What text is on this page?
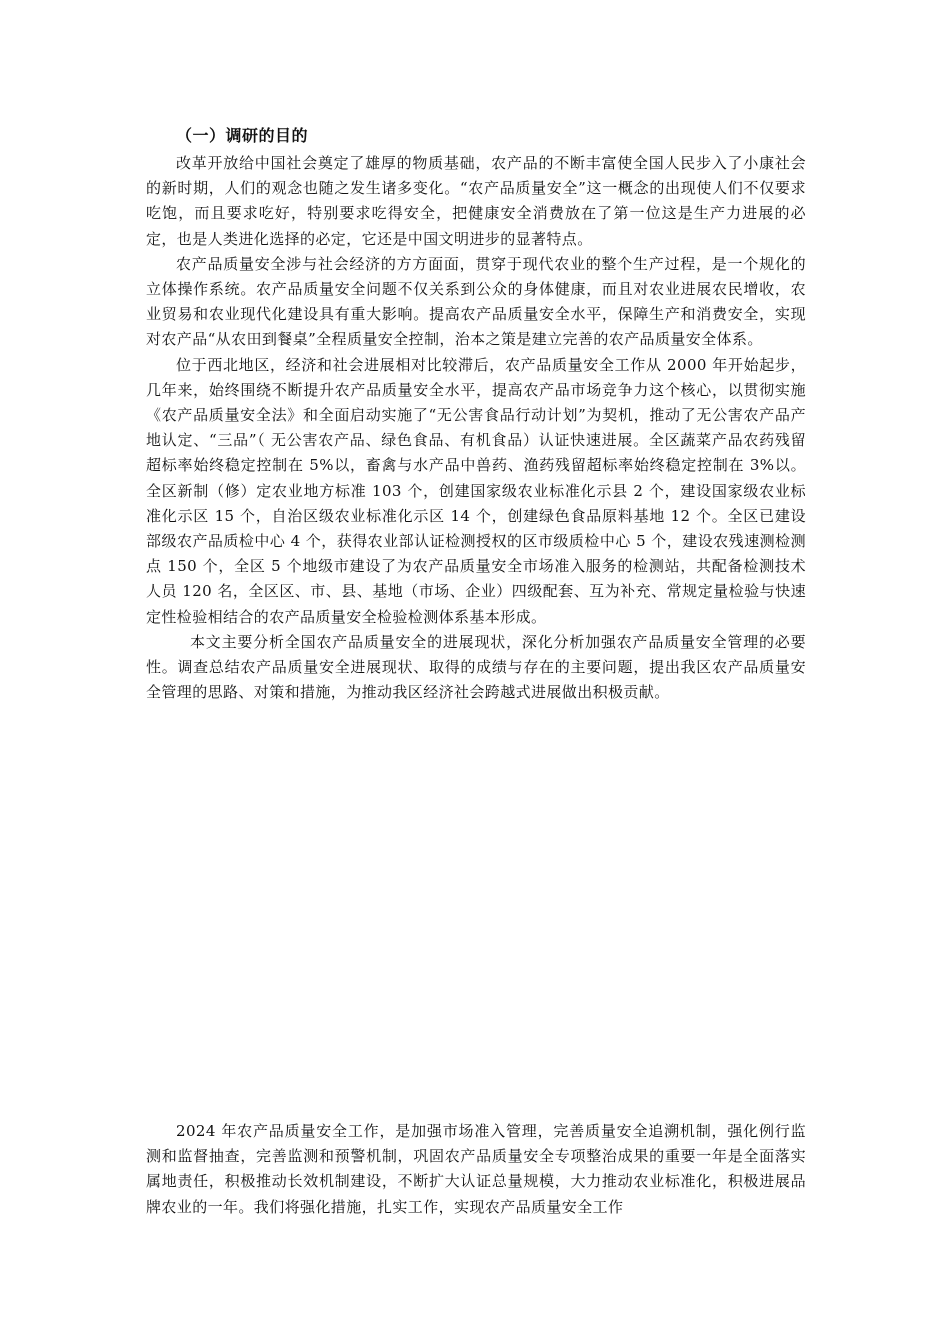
（一）调研的目的

改革开放给中国社会奠定了雄厚的物质基础，农产品的不断丰富使全国人民步入了小康社会的新时期，人们的观念也随之发生诸多变化。“农产品质量安全”这一概念的出现使人们不仅要求吃饱，而且要求吃好，特别要求吃得安全，把健康安全消费放在了第一位这是生产力进展的必定，也是人类进化选择的必定，它还是中国文明进步的显著特点。

农产品质量安全涉与社会经济的方方面面，贯穿于现代农业的整个生产过程，是一个规化的立体操作系统。农产品质量安全问题不仅关系到公众的身体健康，而且对农业进展农民增收，农业贸易和农业现代化建设具有重大影响。提高农产品质量安全水平，保障生产和消费安全，实现对农产品“从农田到餐桌”全程质量安全控制，治本之策是建立完善的农产品质量安全体系。

位于西北地区，经济和社会进展相对比较滞后，农产品质量安全工作从 2000 年开始起步，几年来，始终围绕不断提升农产品质量安全水平，提高农产品市场竞争力这个核心，以贯彻实施《农产品质量安全法》和全面启动实施了“无公害食品行动计划”为契机，推动了无公害农产品产地认定、“三品”（ 无公害农产品、绿色食品、有机食品）认证快速进展。全区蔬菜产品农药残留超标率始终稳定控制在 5%以，畜禽与水产品中兽药、渔药残留超标率始终稳定控制在 3%以。全区新制（修）定农业地方标准 103 个，创建国家级农业标准化示县 2 个，建设国家级农业标准化示区 15 个，自治区级农业标准化示区 14 个，创建绿色食品原料基地 12 个。全区已建设部级农产品质检中心 4 个，获得农业部认证检测授权的区市级质检中心 5 个，建设农残速测检测点 150 个，全区 5 个地级市建设了为农产品质量安全市场准入服务的检测站，共配备检测技术人员 120 名，全区区、市、县、基地（市场、企业）四级配套、互为补充、常规定量检验与快速定性检验相结合的农产品质量安全检验检测体系基本形成。

本文主要分析全国农产品质量安全的进展现状，深化分析加强农产品质量安全管理的必要性。调查总结农产品质量安全进展现状、取得的成绩与存在的主要问题，提出我区农产品质量安全管理的思路、对策和措施，为推动我区经济社会跨越式进展做出积极贡献。

2024 年农产品质量安全工作，是加强市场准入管理，完善质量安全追溯机制，强化例行监测和监督抽查，完善监测和预警机制，巩固农产品质量安全专项整治成果的重要一年是全面落实属地责任，积极推动长效机制建设，不断扩大认证总量规模，大力推动农业标准化，积极进展品牌农业的一年。我们将强化措施，扎实工作，实现农产品质量安全工作
